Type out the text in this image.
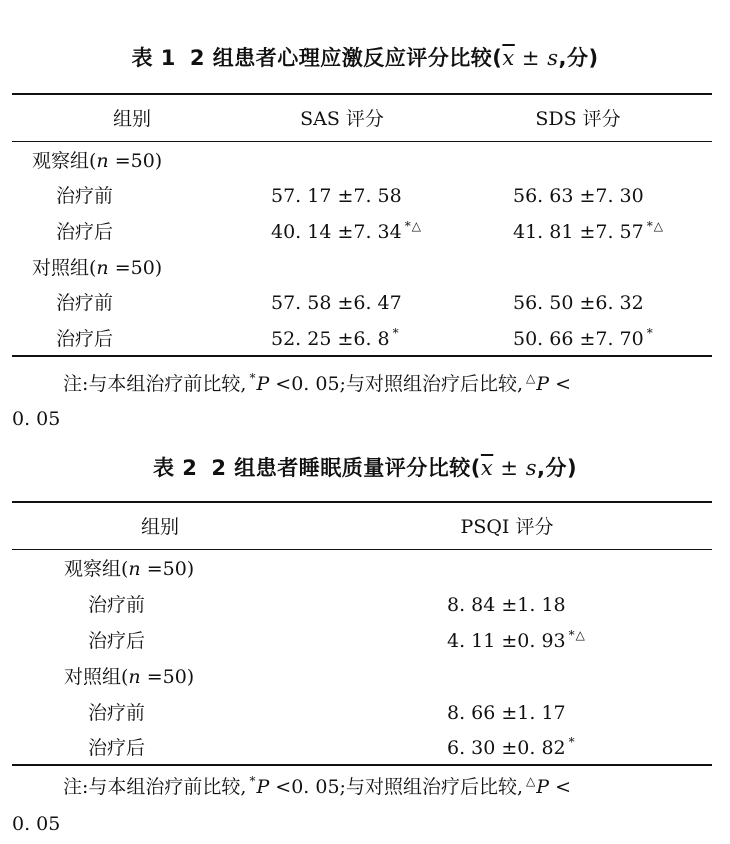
表 1 2 组患者心理应激反应评分比较($\overline{x} \pm s$,分)
组别	SAS 评分	SDS 评分
观察组(n =50)
治疗前	57. 17 ±7. 58	56. 63 ±7. 30
治疗后	40. 14 ±7. 34 *△	41. 81 ±7. 57 *△
对照组(n =50)
治疗前	57. 58 ±6. 47	56. 50 ±6. 32
治疗后	52. 25 ±6. 8 *	50. 66 ±7. 70 *
注:与本组治疗前比较, *P <0. 05;与对照组治疗后比较, △P <
0. 05
表 2 2 组患者睡眠质量评分比较($\overline{x} \pm s$,分)
组别	PSQI 评分
观察组(n =50)
治疗前	8. 84 ±1. 18
治疗后	4. 11 ±0. 93 *△
对照组(n =50)
治疗前	8. 66 ±1. 17
治疗后	6. 30 ±0. 82 *
注:与本组治疗前比较, *P <0. 05;与对照组治疗后比较, △P <
0. 05
